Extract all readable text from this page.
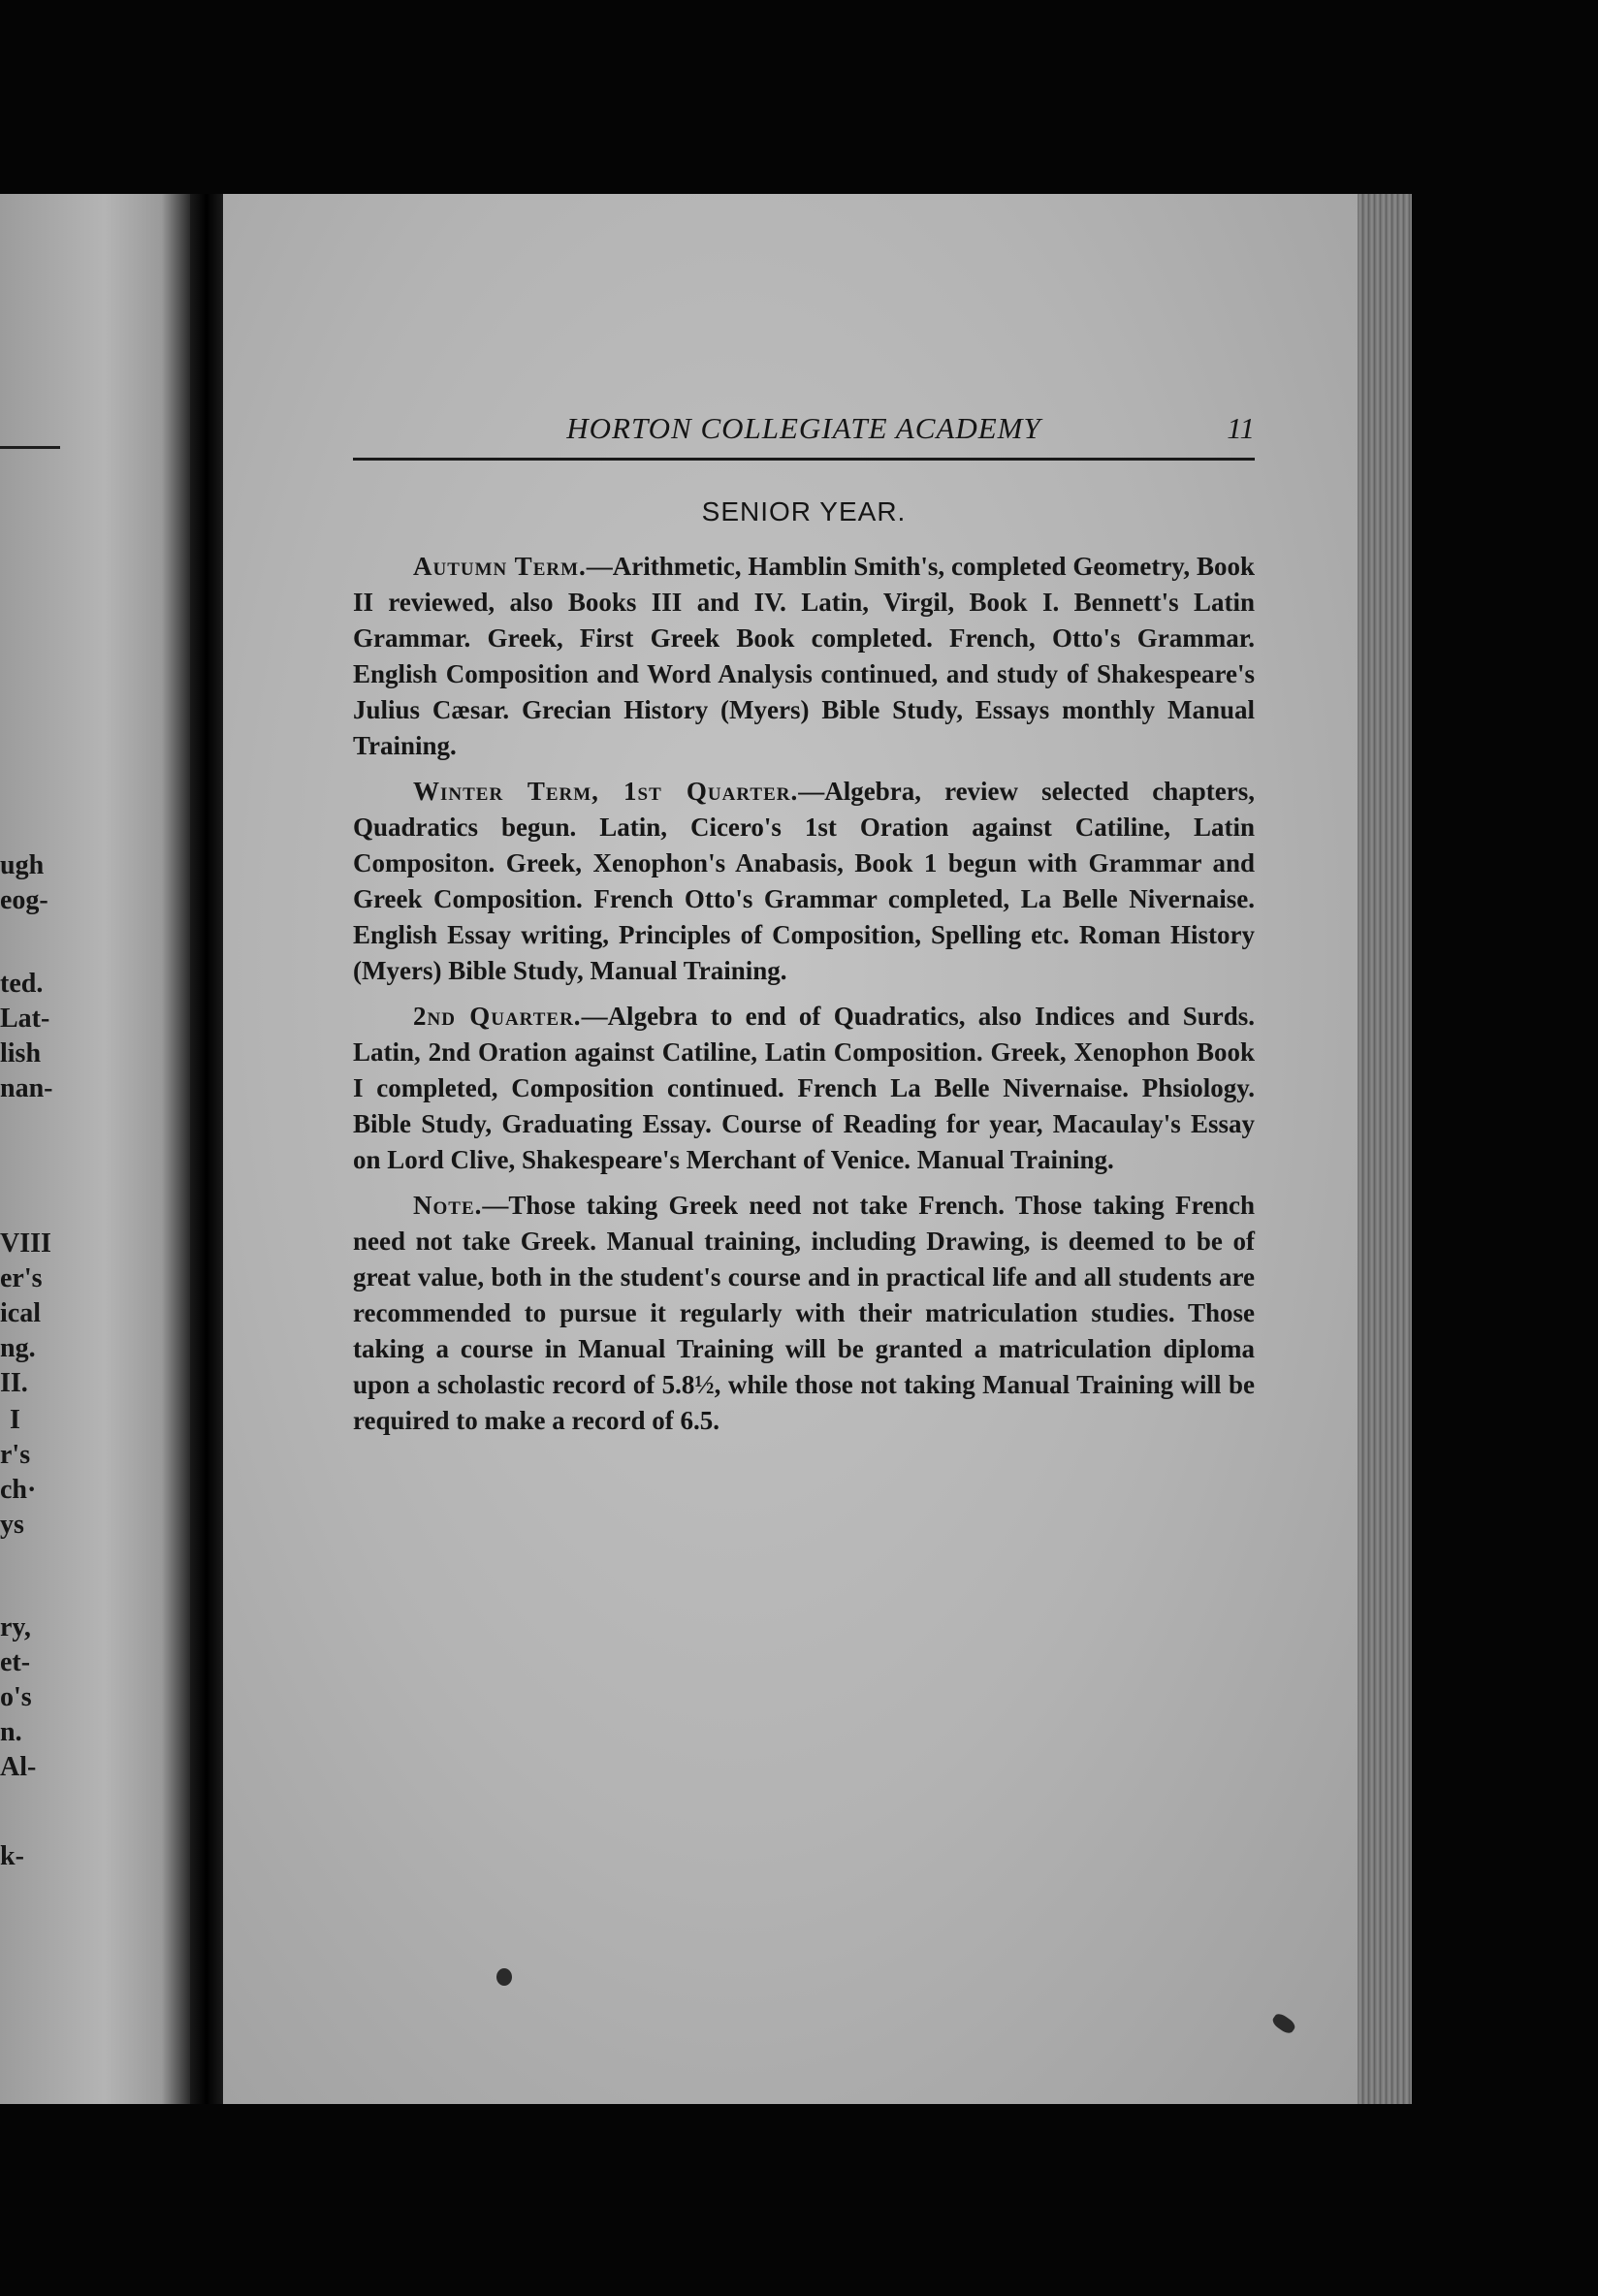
ugh
eog-
ted.
Lat-
lish
nan-
VIII
er's
ical
ng.
II.
I
r's
ch·
ys
ry,
et-
o's
n.
Al-
k-
HORTON COLLEGIATE ACADEMY	11
SENIOR YEAR.

Autumn Term.—Arithmetic, Hamblin Smith's, completed Geometry, Book II reviewed, also Books III and IV. Latin, Virgil, Book I. Bennett's Latin Grammar. Greek, First Greek Book completed. French, Otto's Grammar. English Composition and Word Analysis continued, and study of Shakespeare's Julius Cæsar. Grecian History (Myers) Bible Study, Essays monthly Manual Training.

Winter Term, 1st Quarter.—Algebra, review selected chapters, Quadratics begun. Latin, Cicero's 1st Oration against Catiline, Latin Compositon. Greek, Xenophon's Anabasis, Book 1 begun with Grammar and Greek Composition. French Otto's Grammar completed, La Belle Nivernaise. English Essay writing, Principles of Composition, Spelling etc. Roman History (Myers) Bible Study, Manual Training.

2nd Quarter.—Algebra to end of Quadratics, also Indices and Surds. Latin, 2nd Oration against Catiline, Latin Composition. Greek, Xenophon Book I completed, Composition continued. French La Belle Nivernaise. Phsiology. Bible Study, Graduating Essay. Course of Reading for year, Macaulay's Essay on Lord Clive, Shakespeare's Merchant of Venice. Manual Training.

Note.—Those taking Greek need not take French. Those taking French need not take Greek. Manual training, including Drawing, is deemed to be of great value, both in the student's course and in practical life and all students are recommended to pursue it regularly with their matriculation studies. Those taking a course in Manual Training will be granted a matriculation diploma upon a scholastic record of 5.8½, while those not taking Manual Training will be required to make a record of 6.5.
